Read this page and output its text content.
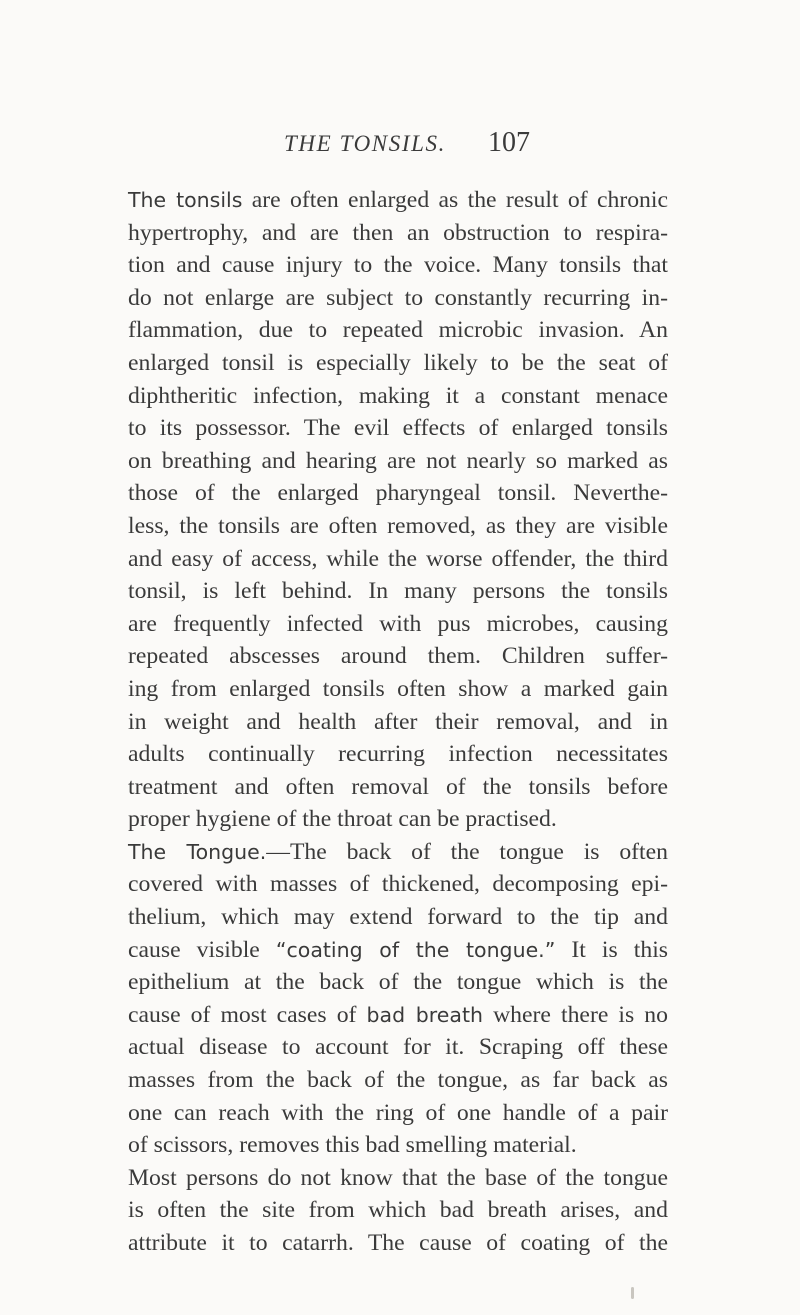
THE TONSILS. 107
The tonsils are often enlarged as the result of chronic
hypertrophy, and are then an obstruction to respira-
tion and cause injury to the voice. Many tonsils that
do not enlarge are subject to constantly recurring in-
flammation, due to repeated microbic invasion. An
enlarged tonsil is especially likely to be the seat of
diphtheritic infection, making it a constant menace
to its possessor. The evil effects of enlarged tonsils
on breathing and hearing are not nearly so marked as
those of the enlarged pharyngeal tonsil. Neverthe-
less, the tonsils are often removed, as they are visible
and easy of access, while the worse offender, the third
tonsil, is left behind. In many persons the tonsils
are frequently infected with pus microbes, causing
repeated abscesses around them. Children suffer-
ing from enlarged tonsils often show a marked gain
in weight and health after their removal, and in
adults continually recurring infection necessitates
treatment and often removal of the tonsils before
proper hygiene of the throat can be practised.
The Tongue.—The back of the tongue is often
covered with masses of thickened, decomposing epi-
thelium, which may extend forward to the tip and
cause visible “coating of the tongue.” It is this
epithelium at the back of the tongue which is the
cause of most cases of bad breath where there is no
actual disease to account for it. Scraping off these
masses from the back of the tongue, as far back as
one can reach with the ring of one handle of a pair
of scissors, removes this bad smelling material.
Most persons do not know that the base of the tongue
is often the site from which bad breath arises, and
attribute it to catarrh. The cause of coating of the
